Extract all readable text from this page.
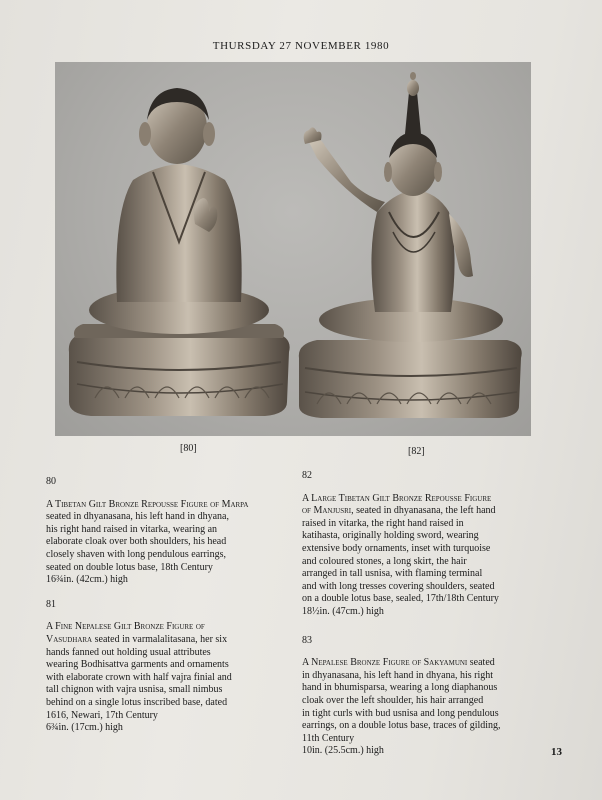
THURSDAY 27 NOVEMBER 1980
[80]	[82]

80

A Tibetan Gilt Bronze Repousse Figure of Marpa

seated in dhyanasana, his left hand in dhyana,

his right hand raised in vitarka, wearing an

elaborate cloak over both shoulders, his head

closely shaven with long pendulous earrings,

seated on double lotus base, 18th Century

16¾in. (42cm.) high

81

A Fine Nepalese Gilt Bronze Figure of

Vasudhara seated in varmalalitasana, her six

hands fanned out holding usual attributes

wearing Bodhisattva garments and ornaments

with elaborate crown with half vajra finial and

tall chignon with vajra usnisa, small nimbus

behind on a single lotus inscribed base, dated

1616, Newari, 17th Century

6¾in. (17cm.) high

82

A Large Tibetan Gilt Bronze Repousse Figure

of Manjusri, seated in dhyanasana, the left hand

raised in vitarka, the right hand raised in

katihasta, originally holding sword, wearing

extensive body ornaments, inset with turquoise

and coloured stones, a long skirt, the hair

arranged in tall usnisa, with flaming terminal

and with long tresses covering shoulders, seated

on a double lotus base, sealed, 17th/18th Century

18½in. (47cm.) high

83

A Nepalese Bronze Figure of Sakyamuni seated

in dhyanasana, his left hand in dhyana, his right

hand in bhumisparsa, wearing a long diaphanous

cloak over the left shoulder, his hair arranged

in tight curls with bud usnisa and long pendulous

earrings, on a double lotus base, traces of gilding,

11th Century

10in. (25.5cm.) high	13
